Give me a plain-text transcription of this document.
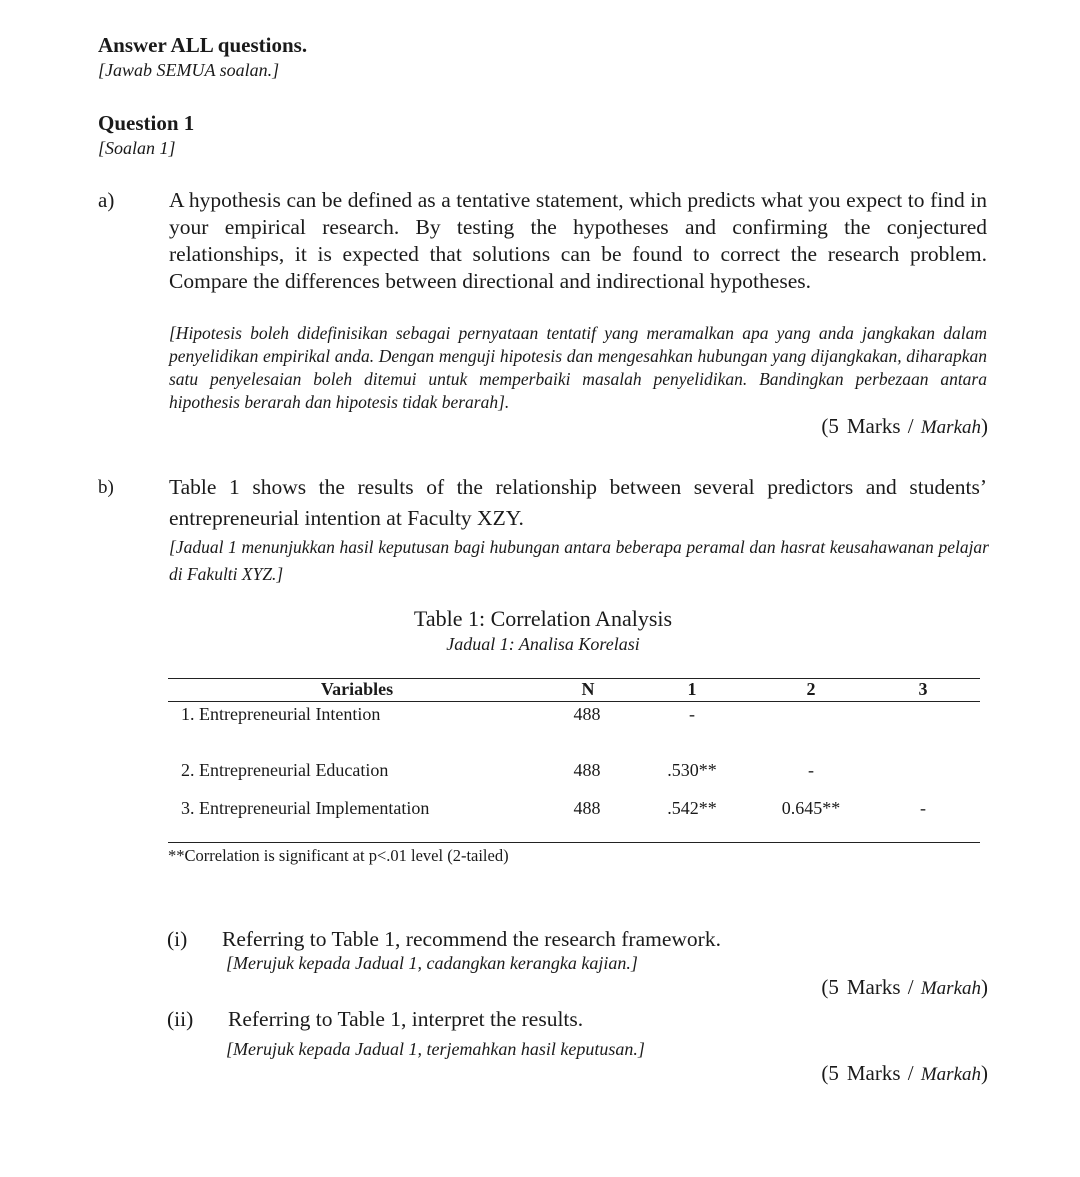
Answer ALL questions.
[Jawab SEMUA soalan.]
Question 1
[Soalan 1]
a)	A hypothesis can be defined as a tentative statement, which predicts what you expect to find in your empirical research. By testing the hypotheses and confirming the conjectured relationships, it is expected that solutions can be found to correct the research problem. Compare the differences between directional and indirectional hypotheses.
[Hipotesis boleh didefinisikan sebagai pernyataan tentatif yang meramalkan apa yang anda jangkakan dalam penyelidikan empirikal anda. Dengan menguji hipotesis dan mengesahkan hubungan yang dijangkakan, diharapkan satu penyelesaian boleh ditemui untuk memperbaiki masalah penyelidikan. Bandingkan perbezaan antara hipothesis berarah dan hipotesis tidak berarah].
(5 Marks / Markah)
b)	Table 1 shows the results of the relationship between several predictors and students’ entrepreneurial intention at Faculty XZY.
[Jadual 1 menunjukkan hasil keputusan bagi hubungan antara beberapa peramal dan hasrat keusahawanan pelajar di Fakulti XYZ.]
Table 1: Correlation Analysis
Jadual 1: Analisa Korelasi
Variables	N	1	2	3
1. Entrepreneurial Intention	488	-
2. Entrepreneurial Education	488	.530**	-
3. Entrepreneurial Implementation	488	.542**	0.645**	-
**Correlation is significant at p<.01 level (2-tailed)
(i) Referring to Table 1, recommend the research framework.
[Merujuk kepada Jadual 1, cadangkan kerangka kajian.]
(5 Marks / Markah)
(ii) Referring to Table 1, interpret the results.
[Merujuk kepada Jadual 1, terjemahkan hasil keputusan.]
(5 Marks / Markah)
